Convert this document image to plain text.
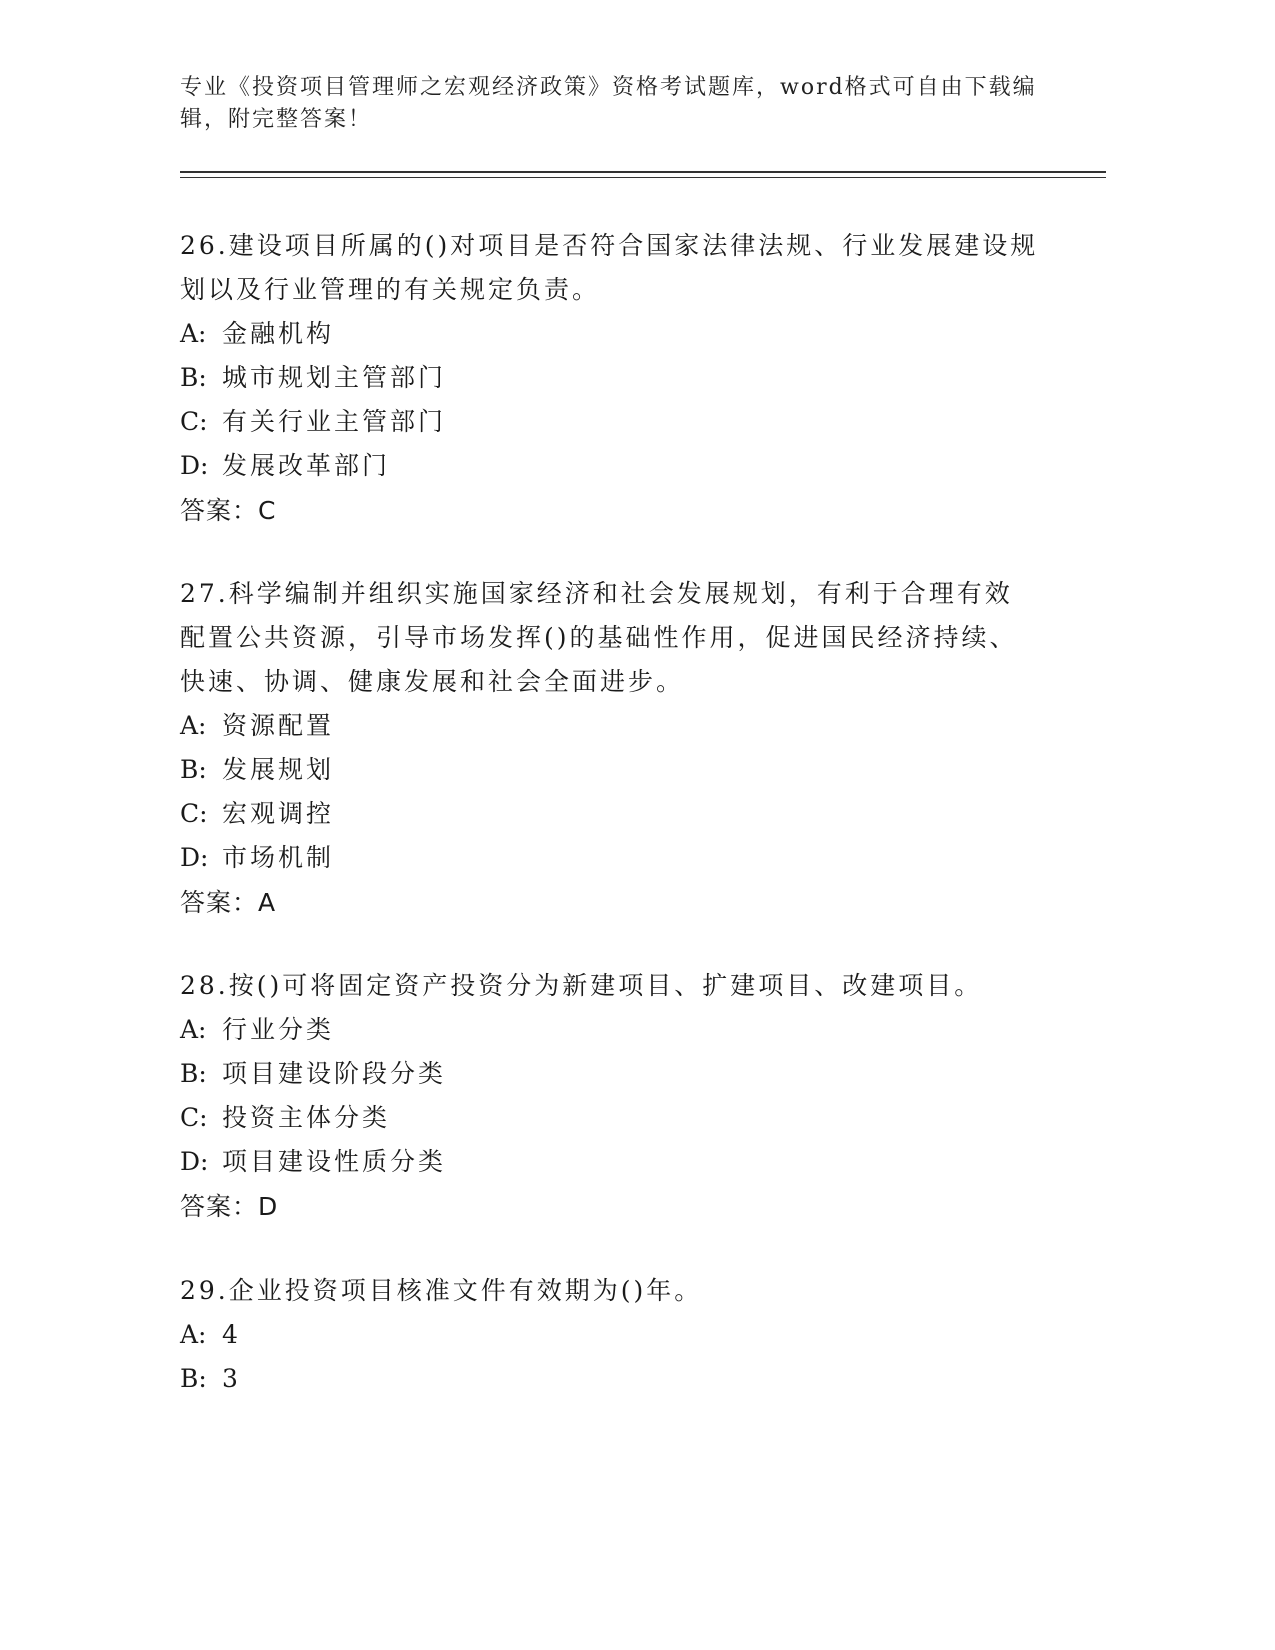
专业《投资项目管理师之宏观经济政策》资格考试题库，word格式可自由下载编辑，附完整答案！
26.建设项目所属的()对项目是否符合国家法律法规、行业发展建设规划以及行业管理的有关规定负责。
A: 金融机构
B: 城市规划主管部门
C: 有关行业主管部门
D: 发展改革部门
答案：C
27.科学编制并组织实施国家经济和社会发展规划，有利于合理有效配置公共资源，引导市场发挥()的基础性作用，促进国民经济持续、快速、协调、健康发展和社会全面进步。
A: 资源配置
B: 发展规划
C: 宏观调控
D: 市场机制
答案：A
28.按()可将固定资产投资分为新建项目、扩建项目、改建项目。
A: 行业分类
B: 项目建设阶段分类
C: 投资主体分类
D: 项目建设性质分类
答案：D
29.企业投资项目核准文件有效期为()年。
A: 4
B: 3
